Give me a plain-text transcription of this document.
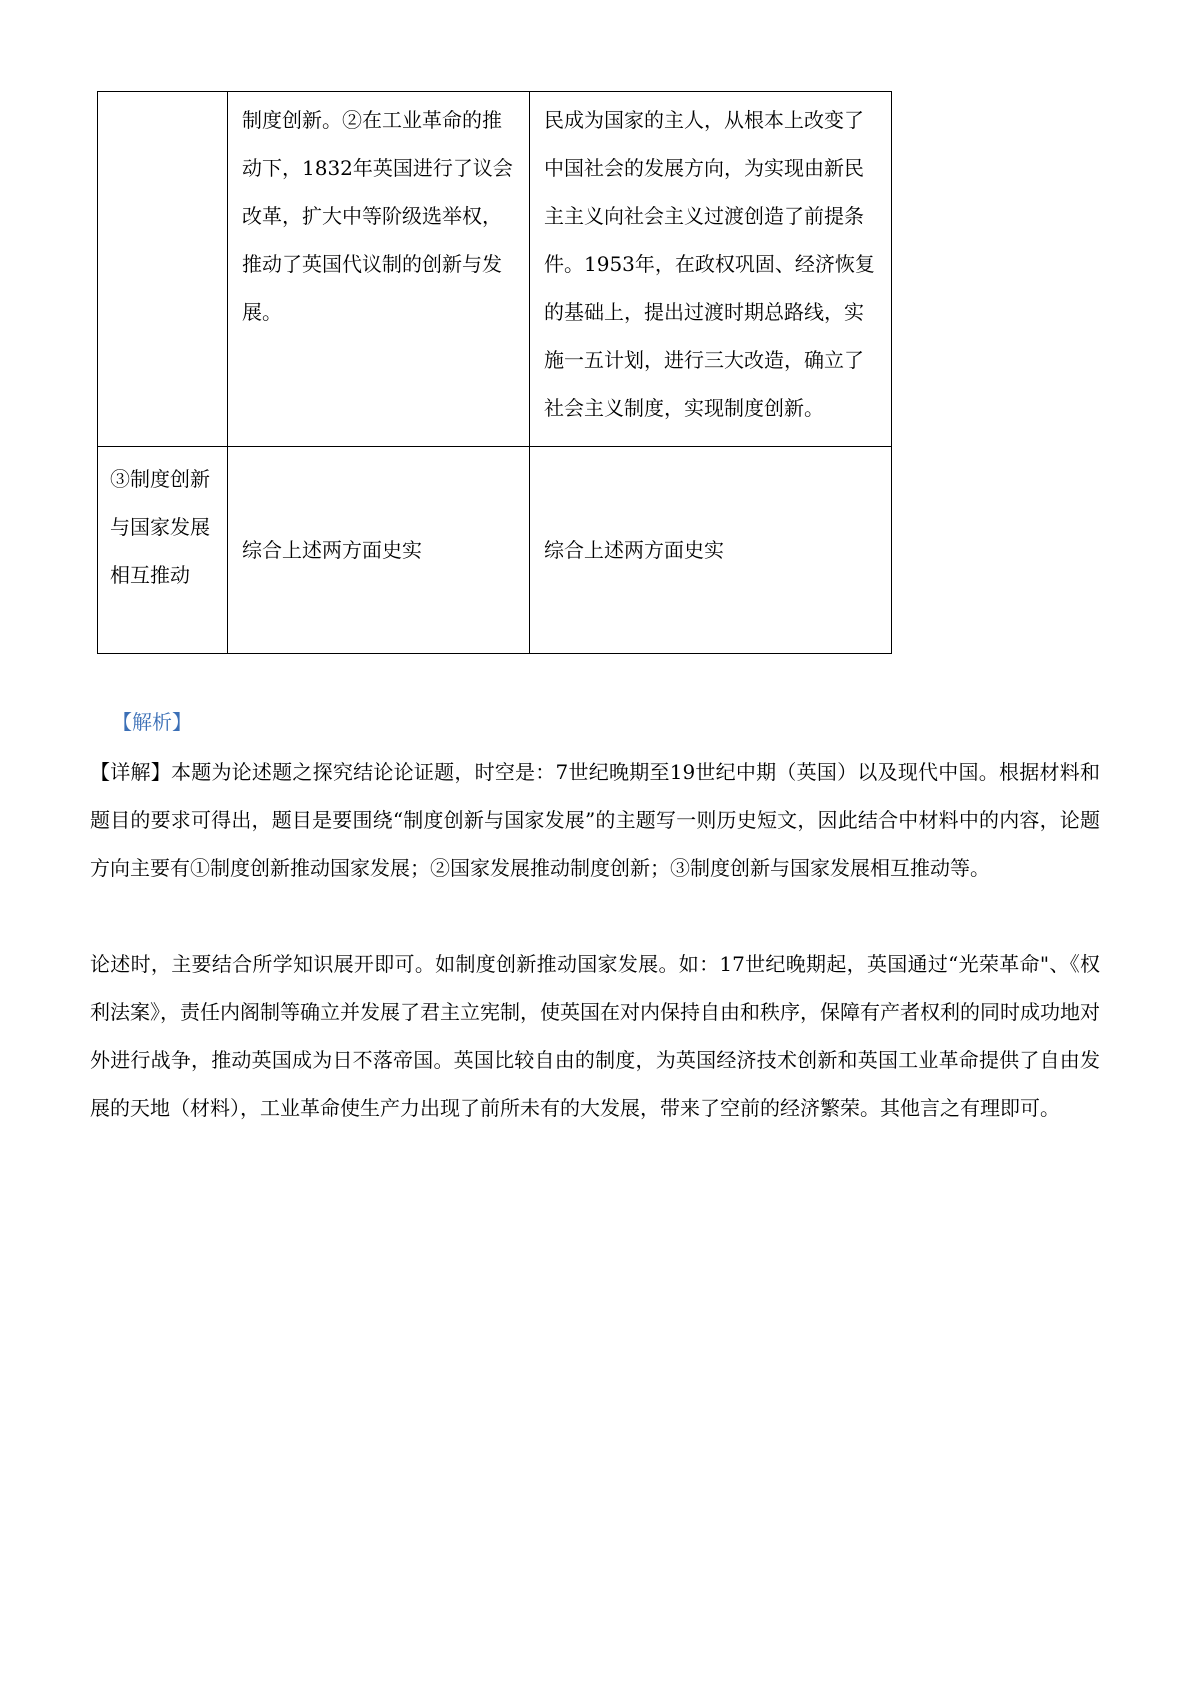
	制度创新。②在工业革命的推动下，1832年英国进行了议会改革，扩大中等阶级选举权，推动了英国代议制的创新与发展。	民成为国家的主人，从根本上改变了中国社会的发展方向，为实现由新民主主义向社会主义过渡创造了前提条件。1953年，在政权巩固、经济恢复的基础上，提出过渡时期总路线，实施一五计划，进行三大改造，确立了社会主义制度，实现制度创新。

③制度创新与国家发展相互推动	综合上述两方面史实	综合上述两方面史实
【解析】
【详解】本题为论述题之探究结论论证题，时空是：7世纪晚期至19世纪中期（英国）以及现代中国。根据材料和题目的要求可得出，题目是要围绕“制度创新与国家发展”的主题写一则历史短文，因此结合中材料中的内容，论题方向主要有①制度创新推动国家发展；②国家发展推动制度创新；③制度创新与国家发展相互推动等。
论述时，主要结合所学知识展开即可。如制度创新推动国家发展。如：17世纪晚期起，英国通过“光荣革命"、《权利法案》，责任内阁制等确立并发展了君主立宪制，使英国在对内保持自由和秩序，保障有产者权利的同时成功地对外进行战争，推动英国成为日不落帝国。英国比较自由的制度，为英国经济技术创新和英国工业革命提供了自由发展的天地（材料），工业革命使生产力出现了前所未有的大发展，带来了空前的经济繁荣。其他言之有理即可。
